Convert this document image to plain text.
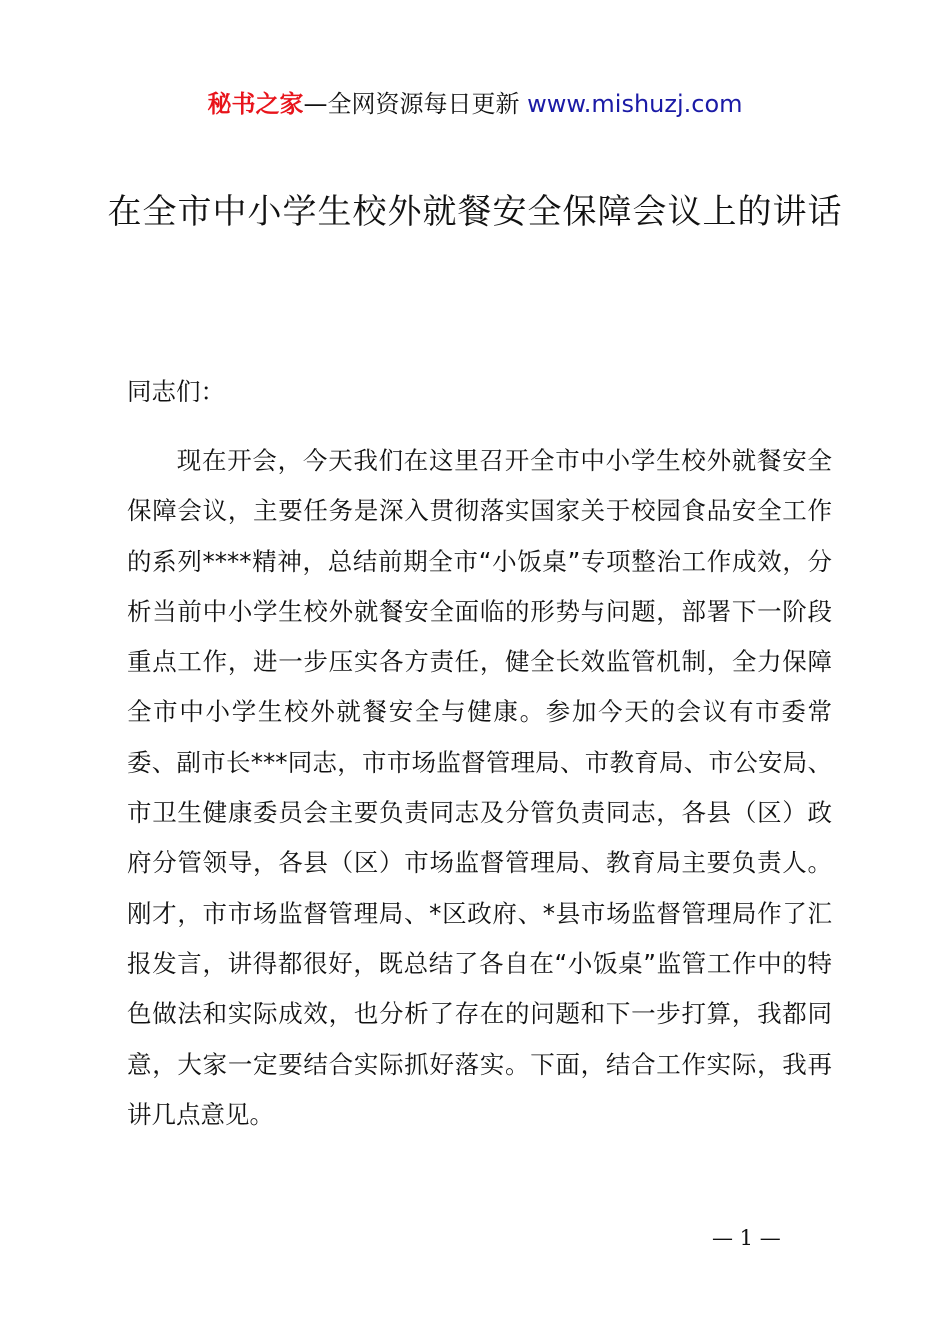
秘书之家—全网资源每日更新 www.mishuzj.com
在全市中小学生校外就餐安全保障会议上的讲话
同志们：

现在开会，今天我们在这里召开全市中小学生校外就餐安全保障会议，主要任务是深入贯彻落实国家关于校园食品安全工作的系列****精神，总结前期全市“小饭桌”专项整治工作成效，分析当前中小学生校外就餐安全面临的形势与问题，部署下一阶段重点工作，进一步压实各方责任，健全长效监管机制，全力保障全市中小学生校外就餐安全与健康。参加今天的会议有市委常委、副市长***同志，市市场监督管理局、市教育局、市公安局、市卫生健康委员会主要负责同志及分管负责同志，各县（区）政府分管领导，各县（区）市场监督管理局、教育局主要负责人。刚才，市市场监督管理局、*区政府、*县市场监督管理局作了汇报发言，讲得都很好，既总结了各自在“小饭桌”监管工作中的特色做法和实际成效，也分析了存在的问题和下一步打算，我都同意，大家一定要结合实际抓好落实。下面，结合工作实际，我再讲几点意见。

— 1 —
